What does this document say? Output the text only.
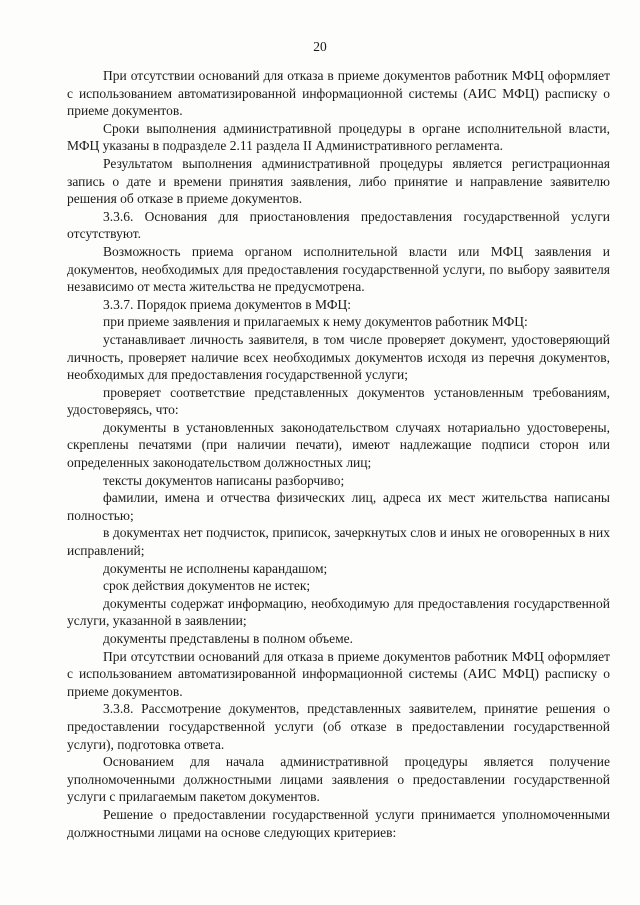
20

При отсутствии оснований для отказа в приеме документов работник МФЦ оформляет с использованием автоматизированной информационной системы (АИС МФЦ) расписку о приеме документов.

Сроки выполнения административной процедуры в органе исполнительной власти, МФЦ указаны в подразделе 2.11 раздела II Административного регламента.

Результатом выполнения административной процедуры является регистрационная запись о дате и времени принятия заявления, либо принятие и направление заявителю решения об отказе в приеме документов.

3.3.6. Основания для приостановления предоставления государственной услуги отсутствуют.

Возможность приема органом исполнительной власти или МФЦ заявления и документов, необходимых для предоставления государственной услуги, по выбору заявителя независимо от места жительства не предусмотрена.

3.3.7. Порядок приема документов в МФЦ:

при приеме заявления и прилагаемых к нему документов работник МФЦ:

устанавливает личность заявителя, в том числе проверяет документ, удостоверяющий личность, проверяет наличие всех необходимых документов исходя из перечня документов, необходимых для предоставления государственной услуги;

проверяет соответствие представленных документов установленным требованиям, удостоверяясь, что:

документы в установленных законодательством случаях нотариально удостоверены, скреплены печатями (при наличии печати), имеют надлежащие подписи сторон или определенных законодательством должностных лиц;

тексты документов написаны разборчиво;

фамилии, имена и отчества физических лиц, адреса их мест жительства написаны полностью;

в документах нет подчисток, приписок, зачеркнутых слов и иных не оговоренных в них исправлений;

документы не исполнены карандашом;

срок действия документов не истек;

документы содержат информацию, необходимую для предоставления государственной услуги, указанной в заявлении;

документы представлены в полном объеме.

При отсутствии оснований для отказа в приеме документов работник МФЦ оформляет с использованием автоматизированной информационной системы (АИС МФЦ) расписку о приеме документов.

3.3.8. Рассмотрение документов, представленных заявителем, принятие решения о предоставлении государственной услуги (об отказе в предоставлении государственной услуги), подготовка ответа.

Основанием для начала административной процедуры является получение уполномоченными должностными лицами заявления о предоставлении государственной услуги с прилагаемым пакетом документов.

Решение о предоставлении государственной услуги принимается уполномоченными должностными лицами на основе следующих критериев:
